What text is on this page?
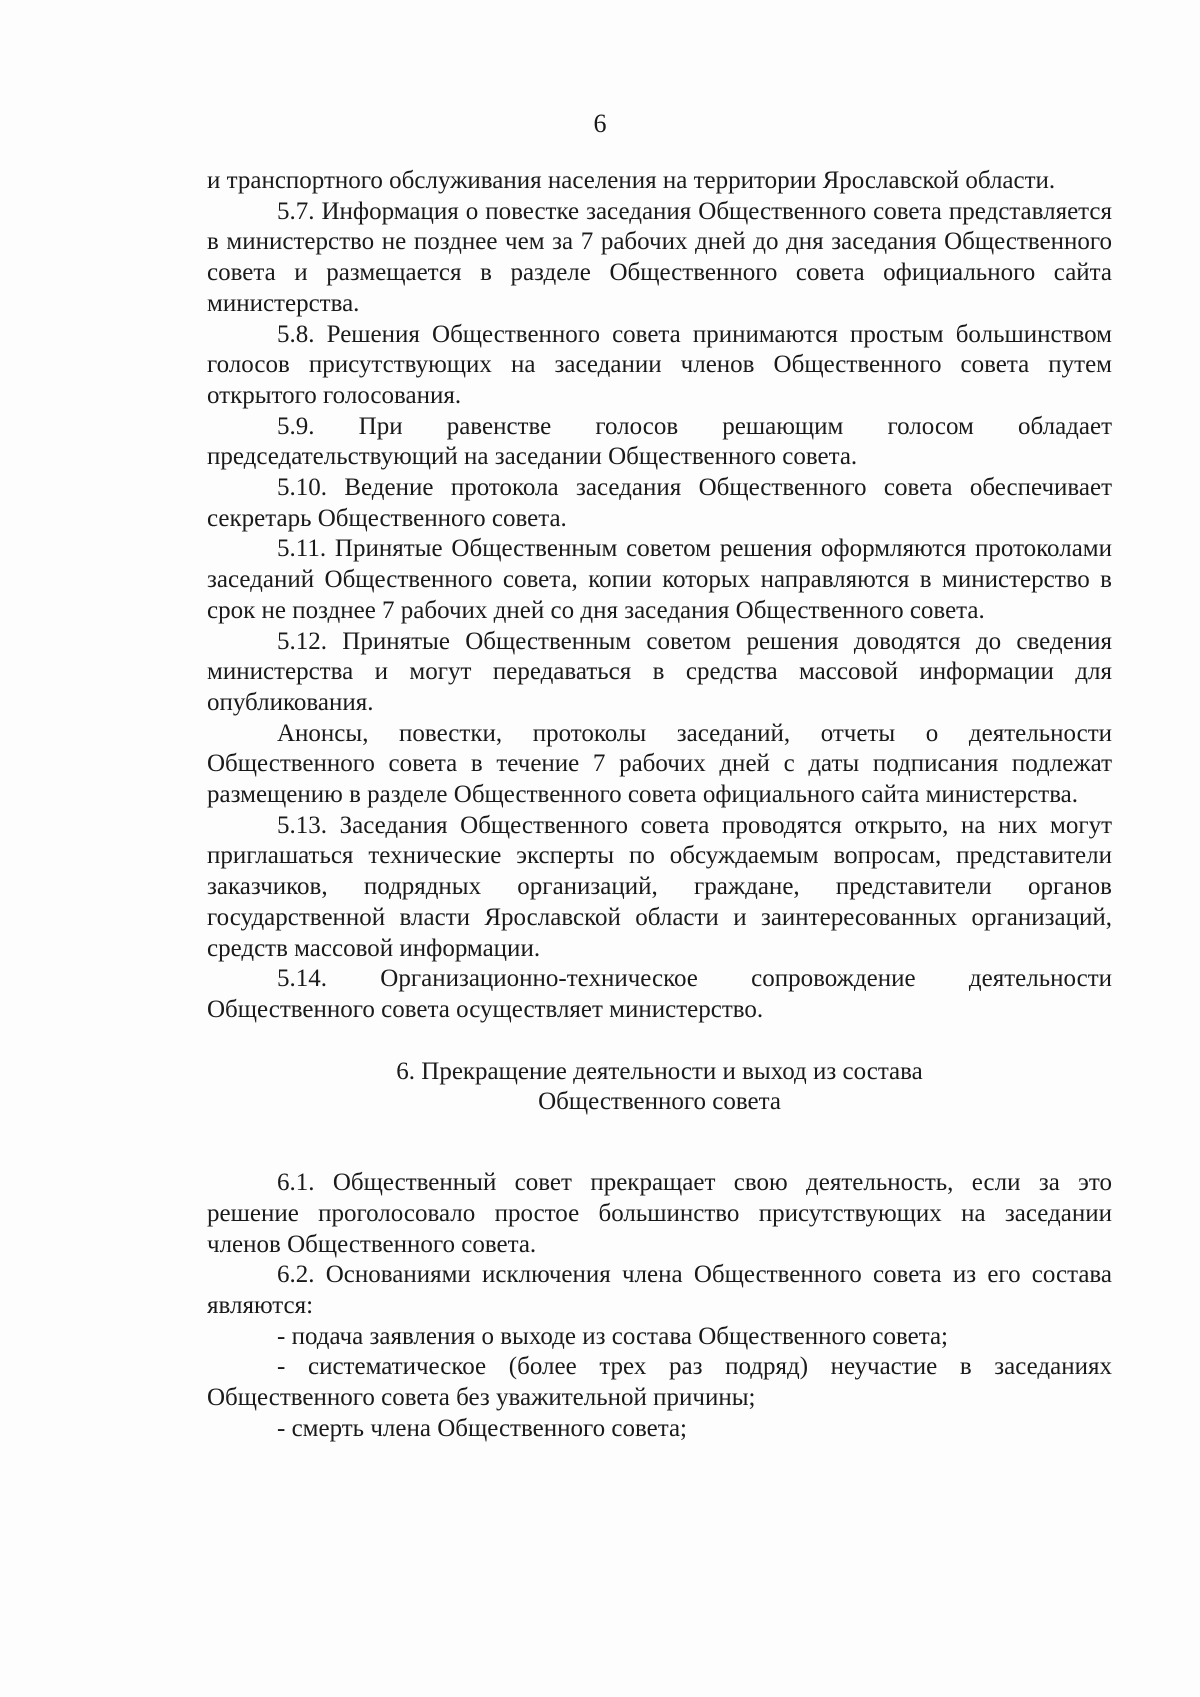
6

и транспортного обслуживания населения на территории Ярославской области.

5.7. Информация о повестке заседания Общественного совета представляется в министерство не позднее чем за 7 рабочих дней до дня заседания Общественного совета и размещается в разделе Общественного совета официального сайта министерства.

5.8. Решения Общественного совета принимаются простым большинством голосов присутствующих на заседании членов Общественного совета путем открытого голосования.

5.9. При равенстве голосов решающим голосом обладает председательствующий на заседании Общественного совета.

5.10. Ведение протокола заседания Общественного совета обеспечивает секретарь Общественного совета.

5.11. Принятые Общественным советом решения оформляются протоколами заседаний Общественного совета, копии которых направляются в министерство в срок не позднее 7 рабочих дней со дня заседания Общественного совета.

5.12. Принятые Общественным советом решения доводятся до сведения министерства и могут передаваться в средства массовой информации для опубликования.

Анонсы, повестки, протоколы заседаний, отчеты о деятельности Общественного совета в течение 7 рабочих дней с даты подписания подлежат размещению в разделе Общественного совета официального сайта министерства.

5.13. Заседания Общественного совета проводятся открыто, на них могут приглашаться технические эксперты по обсуждаемым вопросам, представители заказчиков, подрядных организаций, граждане, представители органов государственной власти Ярославской области и заинтересованных организаций, средств массовой информации.

5.14. Организационно-техническое сопровождение деятельности Общественного совета осуществляет министерство.

6. Прекращение деятельности и выход из состава
Общественного совета

6.1. Общественный совет прекращает свою деятельность, если за это решение проголосовало простое большинство присутствующих на заседании членов Общественного совета.

6.2. Основаниями исключения члена Общественного совета из его состава являются:

- подача заявления о выходе из состава Общественного совета;

- систематическое (более трех раз подряд) неучастие в заседаниях Общественного совета без уважительной причины;

- смерть члена Общественного совета;
